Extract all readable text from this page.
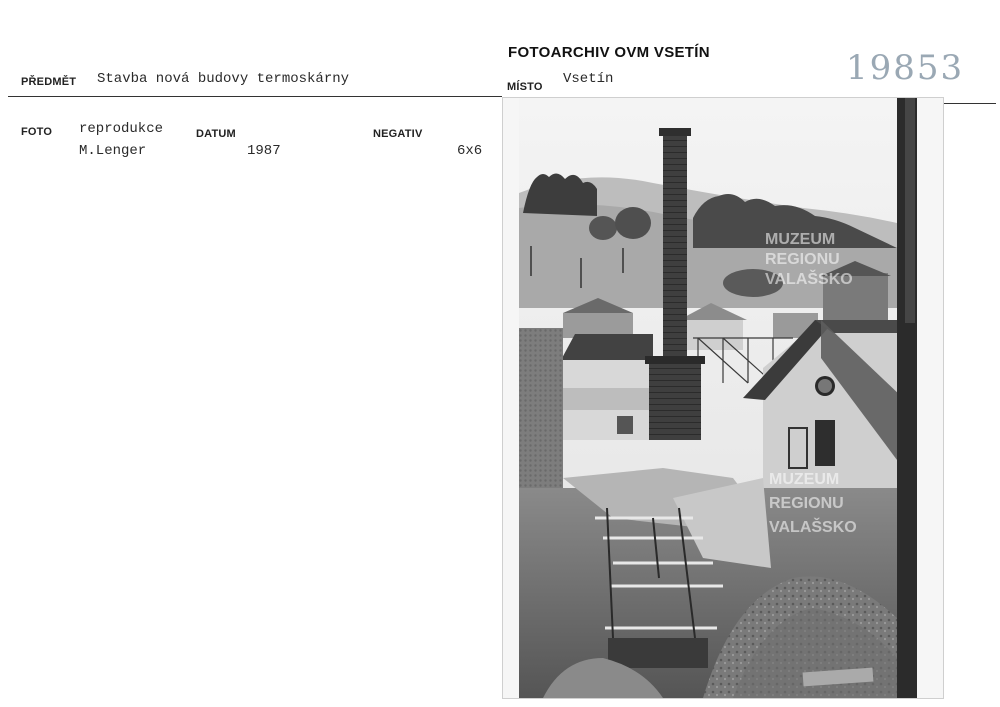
FOTOARCHIV OVM VSETÍN	19853
PŘEDMĚT Stavba nová budovy termoskárny	MÍSTO Vsetín
FOTO reprodukce
M.Lenger
DATUM
1987
NEGATIV
6x6
MUZEUM
REGIONU
VALAŠSKO
MUZEUM
REGIONU
VALAŠSKO
